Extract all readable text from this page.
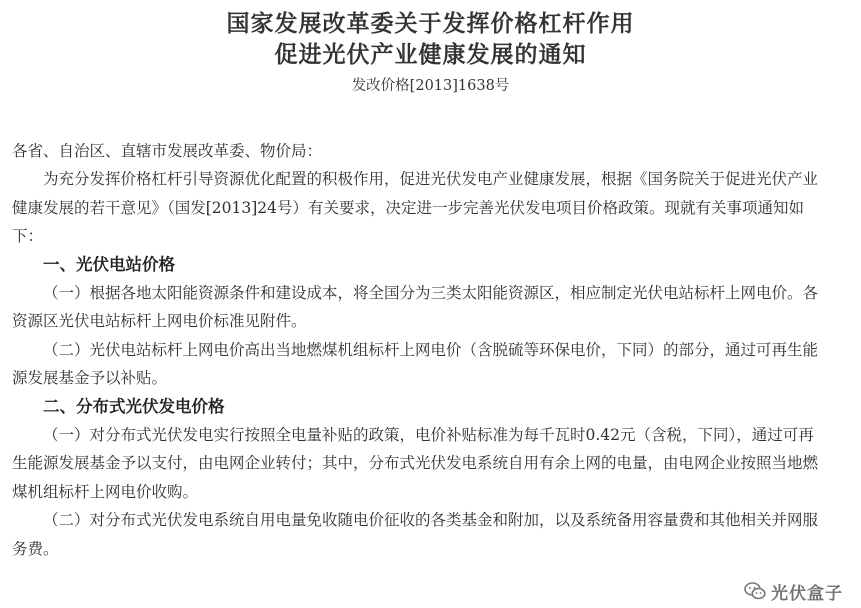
国家发展改革委关于发挥价格杠杆作用
促进光伏产业健康发展的通知
发改价格[2013]1638号

各省、自治区、直辖市发展改革委、物价局：

为充分发挥价格杠杆引导资源优化配置的积极作用，促进光伏发电产业健康发展，根据《国务院关于促进光伏产业

健康发展的若干意见》（国发[2013]24号）有关要求，决定进一步完善光伏发电项目价格政策。现就有关事项通知如

下：

一、光伏电站价格

（一）根据各地太阳能资源条件和建设成本，将全国分为三类太阳能资源区，相应制定光伏电站标杆上网电价。各

资源区光伏电站标杆上网电价标准见附件。

（二）光伏电站标杆上网电价高出当地燃煤机组标杆上网电价（含脱硫等环保电价，下同）的部分，通过可再生能

源发展基金予以补贴。

二、分布式光伏发电价格

（一）对分布式光伏发电实行按照全电量补贴的政策，电价补贴标准为每千瓦时0.42元（含税，下同），通过可再

生能源发展基金予以支付，由电网企业转付；其中，分布式光伏发电系统自用有余上网的电量，由电网企业按照当地燃

煤机组标杆上网电价收购。

（二）对分布式光伏发电系统自用电量免收随电价征收的各类基金和附加，以及系统备用容量费和其他相关并网服

务费。

光伏盒子
